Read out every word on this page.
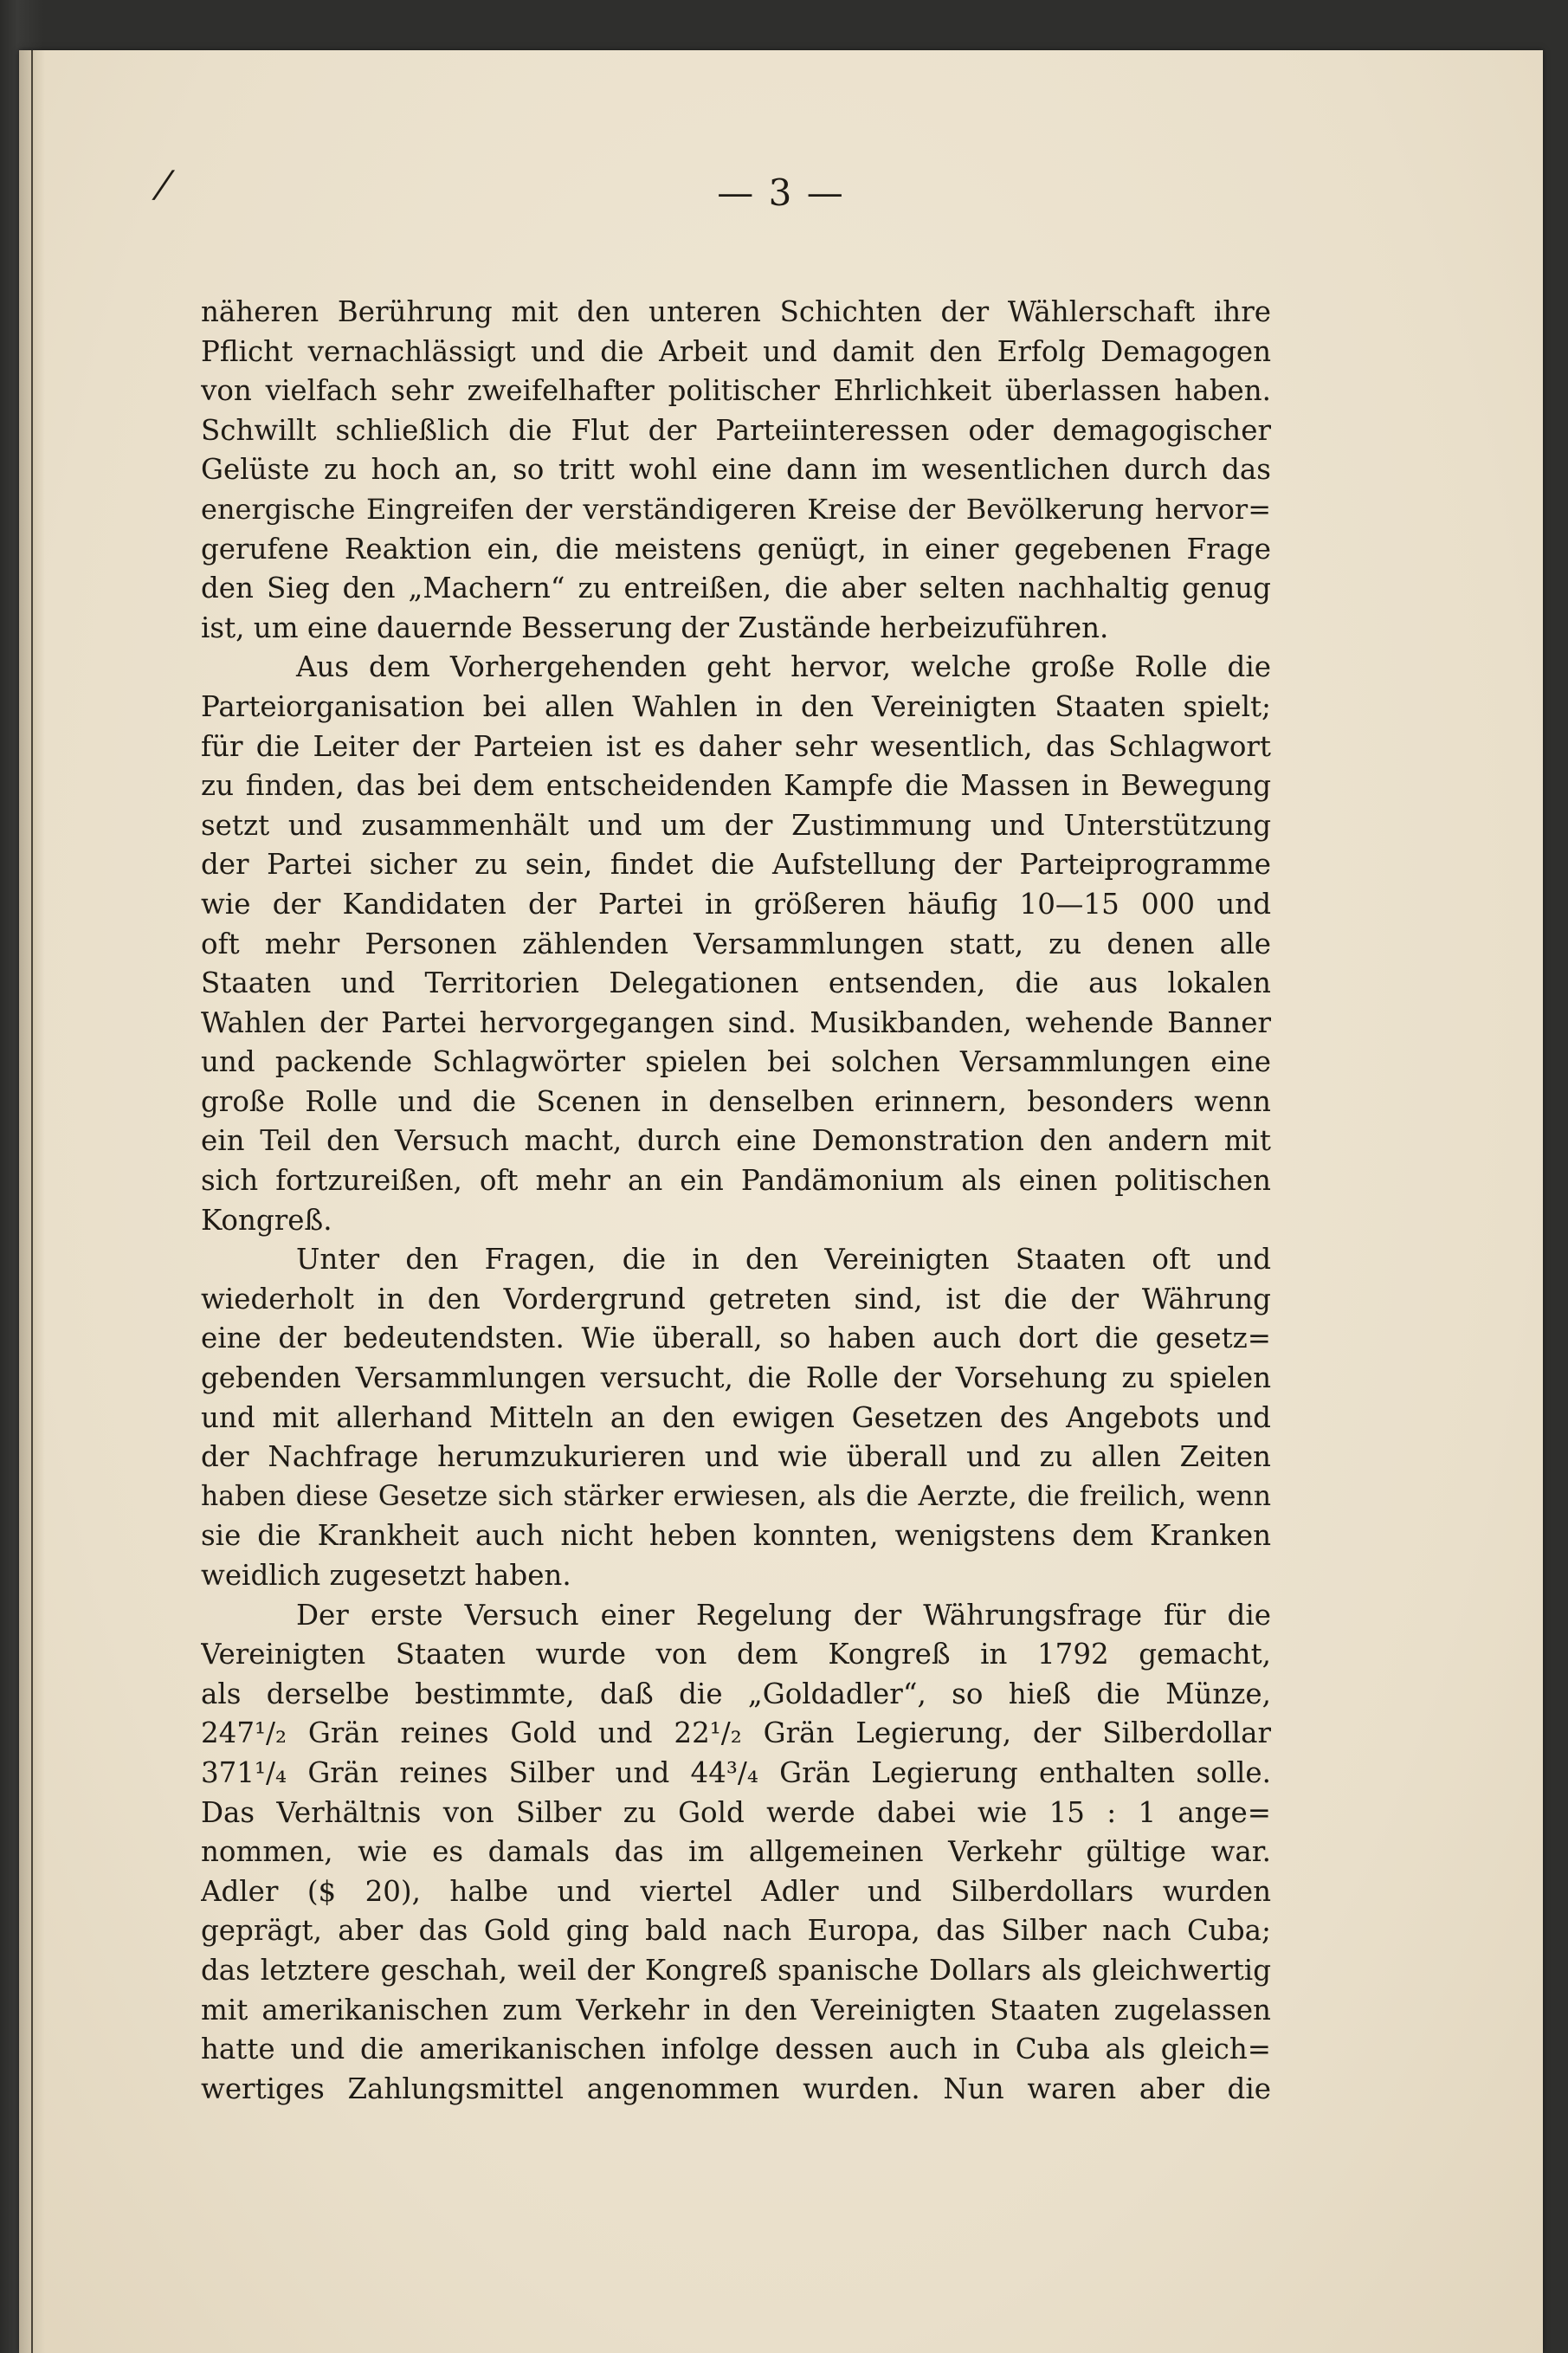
/	— 3 —
näheren Berührung mit den unteren Schichten der Wählerschaft ihre
Pflicht vernachlässigt und die Arbeit und damit den Erfolg Demagogen
von vielfach sehr zweifelhafter politischer Ehrlichkeit überlassen haben.
Schwillt schließlich die Flut der Parteiinteressen oder demagogischer
Gelüste zu hoch an, so tritt wohl eine dann im wesentlichen durch das
energische Eingreifen der verständigeren Kreise der Bevölkerung hervor=
gerufene Reaktion ein, die meistens genügt, in einer gegebenen Frage
den Sieg den „Machern“ zu entreißen, die aber selten nachhaltig genug
ist, um eine dauernde Besserung der Zustände herbeizuführen.
Aus dem Vorhergehenden geht hervor, welche große Rolle die
Parteiorganisation bei allen Wahlen in den Vereinigten Staaten spielt;
für die Leiter der Parteien ist es daher sehr wesentlich, das Schlagwort
zu finden, das bei dem entscheidenden Kampfe die Massen in Bewegung
setzt und zusammenhält und um der Zustimmung und Unterstützung
der Partei sicher zu sein, findet die Aufstellung der Parteiprogramme
wie der Kandidaten der Partei in größeren häufig 10—15 000 und
oft mehr Personen zählenden Versammlungen statt, zu denen alle
Staaten und Territorien Delegationen entsenden, die aus lokalen
Wahlen der Partei hervorgegangen sind. Musikbanden, wehende Banner
und packende Schlagwörter spielen bei solchen Versammlungen eine
große Rolle und die Scenen in denselben erinnern, besonders wenn
ein Teil den Versuch macht, durch eine Demonstration den andern mit
sich fortzureißen, oft mehr an ein Pandämonium als einen politischen
Kongreß.
Unter den Fragen, die in den Vereinigten Staaten oft und
wiederholt in den Vordergrund getreten sind, ist die der Währung
eine der bedeutendsten. Wie überall, so haben auch dort die gesetz=
gebenden Versammlungen versucht, die Rolle der Vorsehung zu spielen
und mit allerhand Mitteln an den ewigen Gesetzen des Angebots und
der Nachfrage herumzukurieren und wie überall und zu allen Zeiten
haben diese Gesetze sich stärker erwiesen, als die Aerzte, die freilich, wenn
sie die Krankheit auch nicht heben konnten, wenigstens dem Kranken
weidlich zugesetzt haben.
Der erste Versuch einer Regelung der Währungsfrage für die
Vereinigten Staaten wurde von dem Kongreß in 1792 gemacht,
als derselbe bestimmte, daß die „Goldadler“, so hieß die Münze,
247¹/₂ Grän reines Gold und 22¹/₂ Grän Legierung, der Silberdollar
371¹/₄ Grän reines Silber und 44³/₄ Grän Legierung enthalten solle.
Das Verhältnis von Silber zu Gold werde dabei wie 15 : 1 ange=
nommen, wie es damals das im allgemeinen Verkehr gültige war.
Adler ($ 20), halbe und viertel Adler und Silberdollars wurden
geprägt, aber das Gold ging bald nach Europa, das Silber nach Cuba;
das letztere geschah, weil der Kongreß spanische Dollars als gleichwertig
mit amerikanischen zum Verkehr in den Vereinigten Staaten zugelassen
hatte und die amerikanischen infolge dessen auch in Cuba als gleich=
wertiges Zahlungsmittel angenommen wurden. Nun waren aber die
